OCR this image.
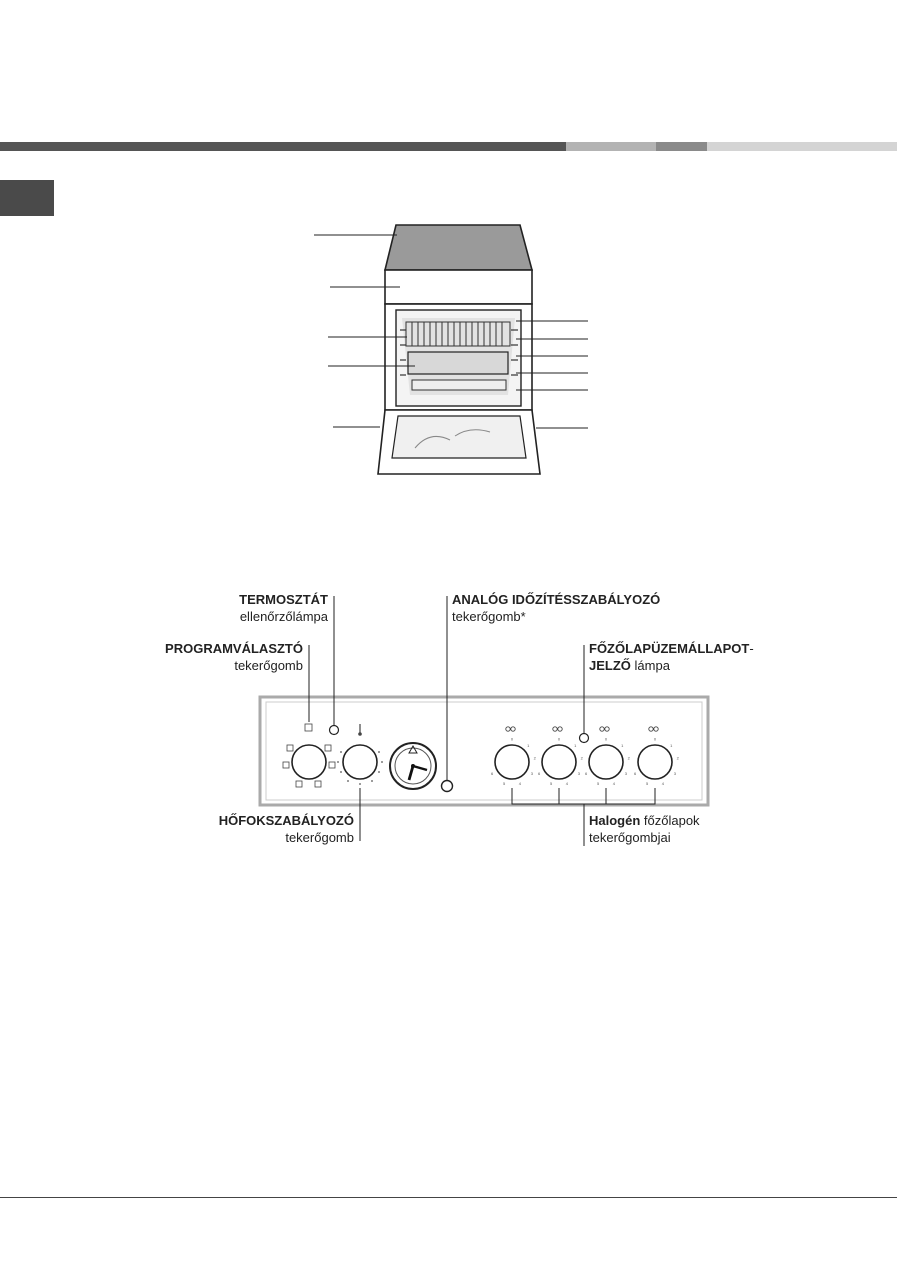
0
1
2
3
4
5
6
0
1
2
3
4
5
6
0
1
2
3
4
5
6
0
1
2
3
4
5
6
TERMOSZTÁT
ellenőrzőlámpa
PROGRAMVÁLASZTÓ
tekerőgomb
ANALÓG IDŐZÍTÉSSZABÁLYOZÓ
tekerőgomb*
FŐZŐLAPÜZEMÁLLAPOT-
JELZŐ lámpa
HŐFOKSZABÁLYOZÓ
tekerőgomb
Halogén főzőlapok
tekerőgombjai
